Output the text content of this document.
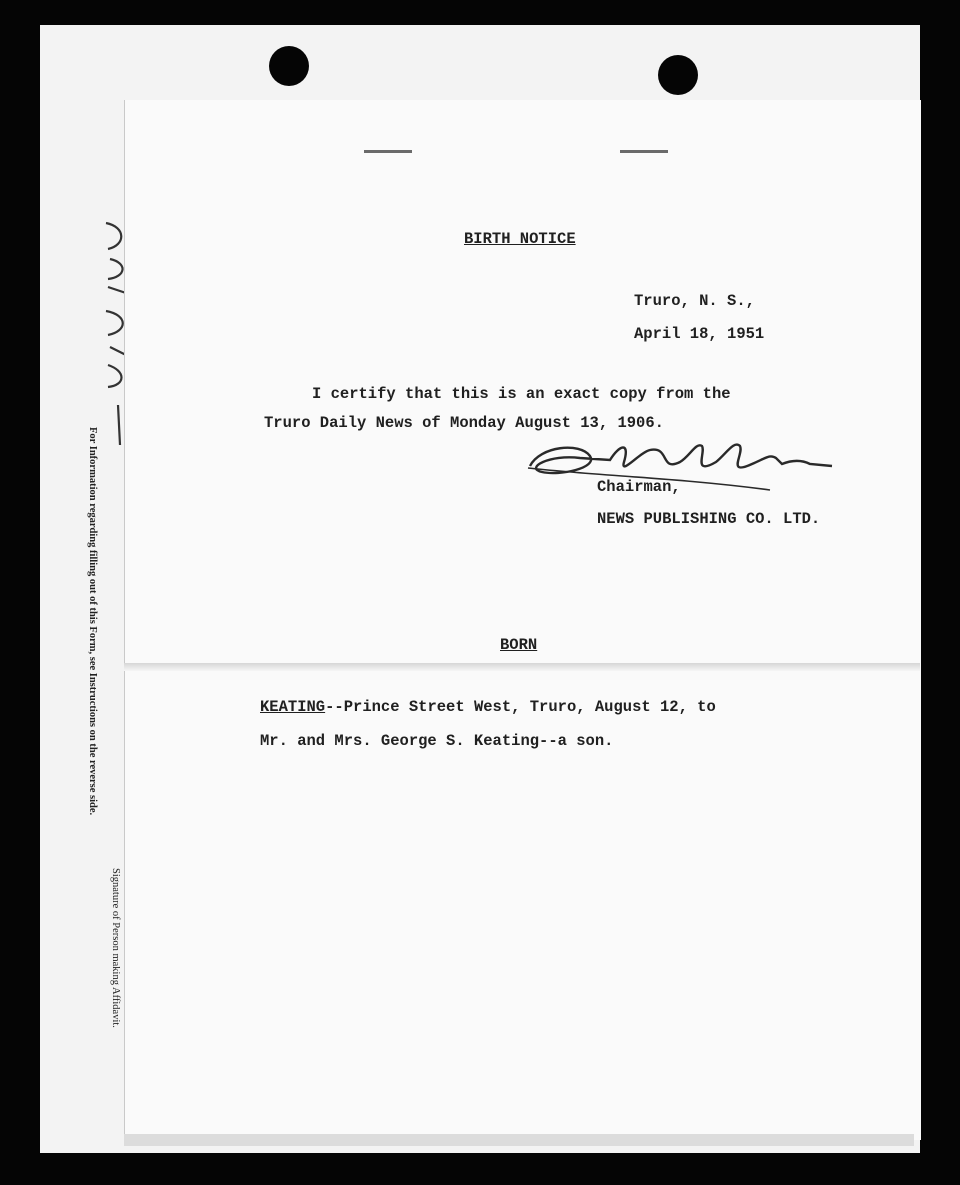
For Information regarding filling out of this Form, see Instructions on the reverse side.
Signature of Person making Affidavit.
BIRTH NOTICE
Truro, N. S.,
April 18, 1951
I certify that this is an exact copy from the
Truro Daily News of Monday August 13, 1906.
Chairman,
NEWS PUBLISHING CO. LTD.
BORN
KEATING--Prince Street West, Truro, August 12, to
Mr. and Mrs. George S. Keating--a son.
